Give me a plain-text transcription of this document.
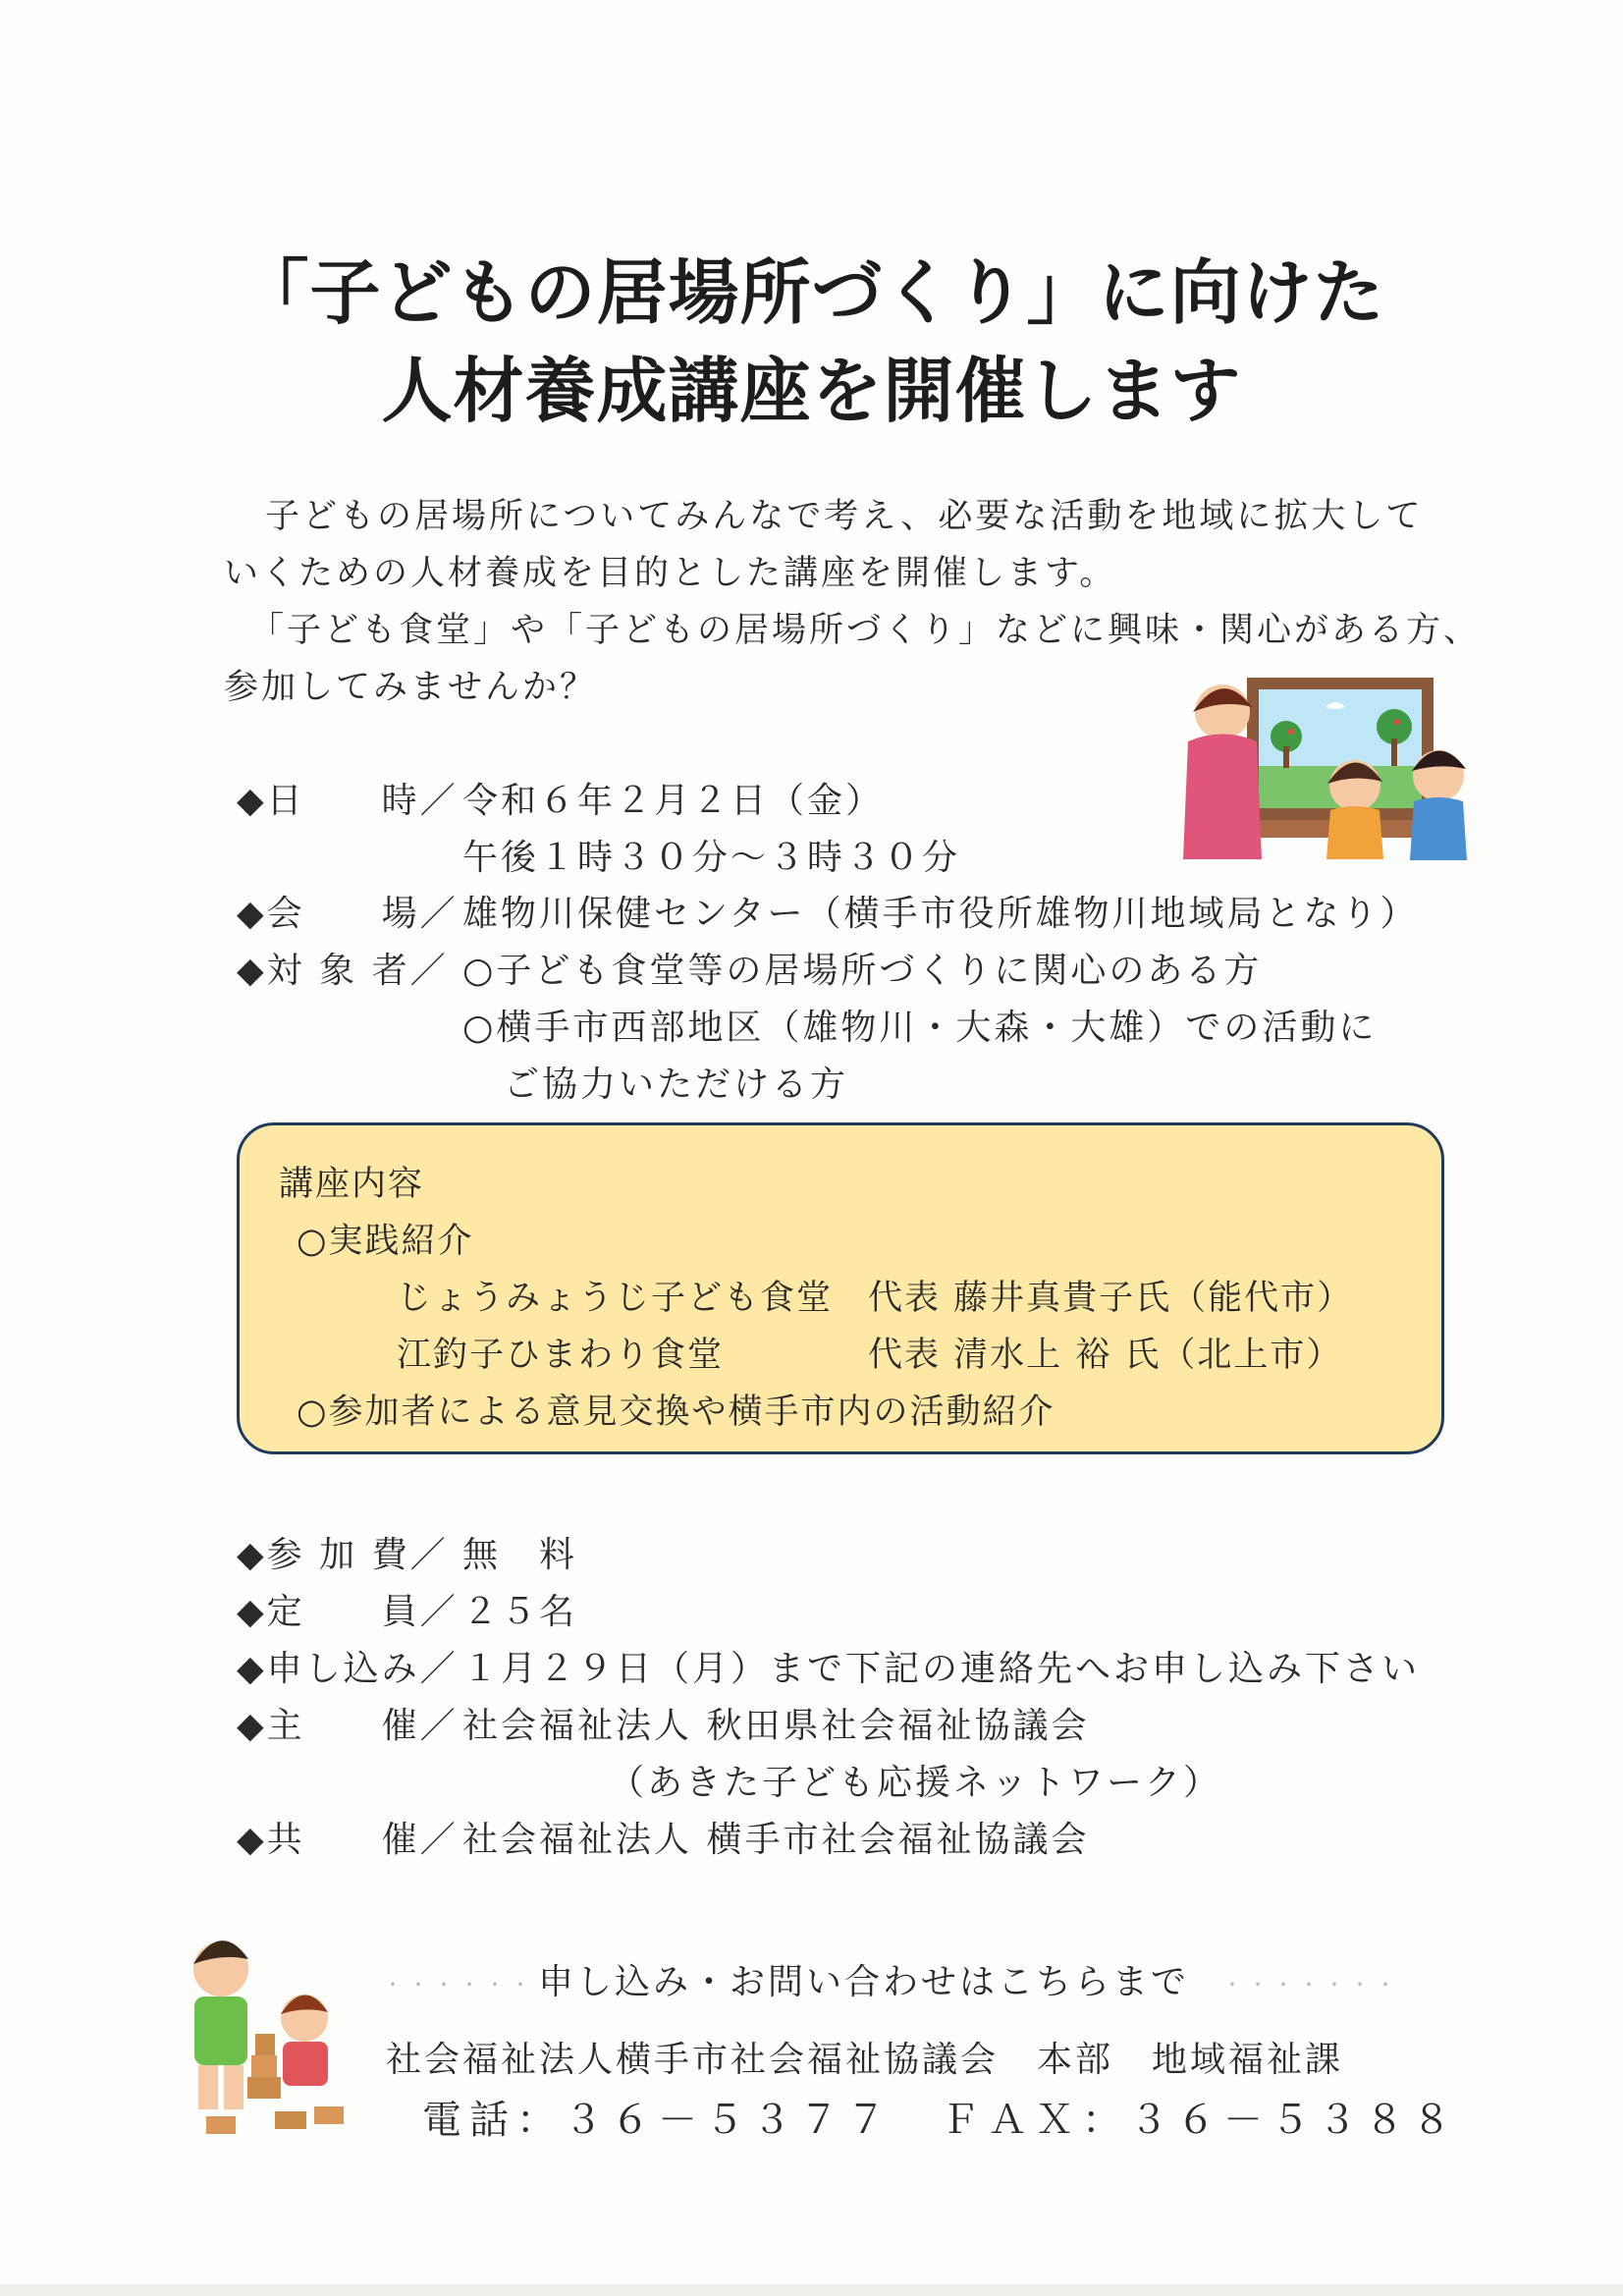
「子どもの居場所づくり」に向けた
人材養成講座を開催します
子どもの居場所についてみんなで考え、必要な活動を地域に拡大して
いくための人材養成を目的とした講座を開催します。
「子ども食堂」や「子どもの居場所づくり」などに興味・関心がある方、
参加してみませんか？
◆日　　時／ 令和６年２月２日（金）
午後１時３０分～３時３０分
◆会　　場／ 雄物川保健センター（横手市役所雄物川地域局となり）
◆対 象 者／ ○子ども食堂等の居場所づくりに関心のある方
○横手市西部地区（雄物川・大森・大雄）での活動に
ご協力いただける方
講座内容
○実践紹介
じょうみょうじ子ども食堂 代表 藤井真貴子氏（能代市）
江釣子ひまわり食堂	代表 清水上 裕 氏（北上市）
○参加者による意見交換や横手市内の活動紹介
◆参 加 費／ 無　料
◆定　　員／ ２５名
◆申し込み／ １月２９日（月）まで下記の連絡先へお申し込み下さい
◆主　　催／ 社会福祉法人 秋田県社会福祉協議会
（あきた子ども応援ネットワーク）
◆共　　催／ 社会福祉法人 横手市社会福祉協議会
・・・・・・・
申し込み・お問い合わせはこちらまで ・・・・・・・
社会福祉法人横手市社会福祉協議会　本部　地域福祉課
電話：３６－５３７７　ＦＡＸ：３６－５３８８
